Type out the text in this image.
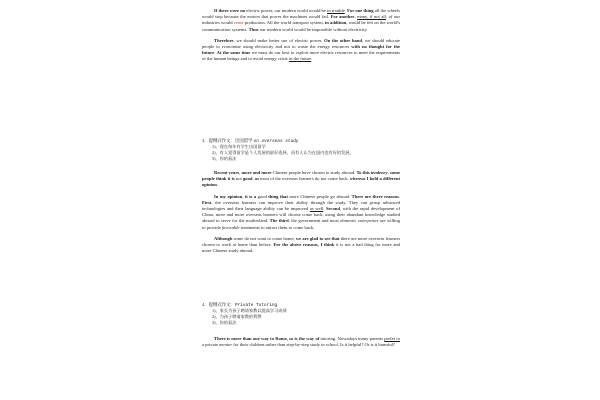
If there were no electric power, our modern world would be in trouble. For one thing all the wheels would stop because the motors that power the machines would fail. For another, many, if not all, of our industries would cease production. All the world transport system, in addition, would be felt on the world's communication systems. Thus our modern world would be impossible without electricity.

Therefore, we should make better use of electric power. On the other hand, we should educate people to economize using electricity and not to waste the energy resources with no thought for the future. At the same time we must do our best to exploit more electric resources to meet the requirements of the human beings and to avoid energy crisis in the future.

3．提纲式作文：出国留学 on overseas study
1)、现在每年有学生出国留学
2)、有人觉得留学是个人发展的最好选择，而有人认为在国内也有好的发展。
3)、你的看法

Recent years, more and more Chinese people have chosen to study abroad. To this tendency, some people think it is not good, as most of the overseas learners do not come back, whereas I hold a different opinion.

In my opinion, it is a good thing that more Chinese people go abroad. There are three reasons. First, the overseas learners can improve their ability through the study. They can grasp advanced technologies and their language ability can be improved as well. Second, with the rapid development of China, more and more overseas learners will choose come back, using their abundant knowledge studied abroad to serve for the motherland. The third, the government and most domestic enterprises are willing to provide favorable treatments to attract them to come back.

Although some do not want to come home, we are glad to see that there are more overseas learners chosen to work at home than before. For the above reasons, I think it is not a bad thing for more and more Chinese study abroad.

4．提纲式作文：Private Tutoring
1)、家长为孩子聘请家教以提高学习成绩
2)、为孩子聘请家教的利弊
3)、你的看法

There is more than one way to Rome, so is the way of tutoring. Nowadays many parents prefer to a private mentor for their children rather than step-by-step study in school. Is it helpful? Or is it harmful?
